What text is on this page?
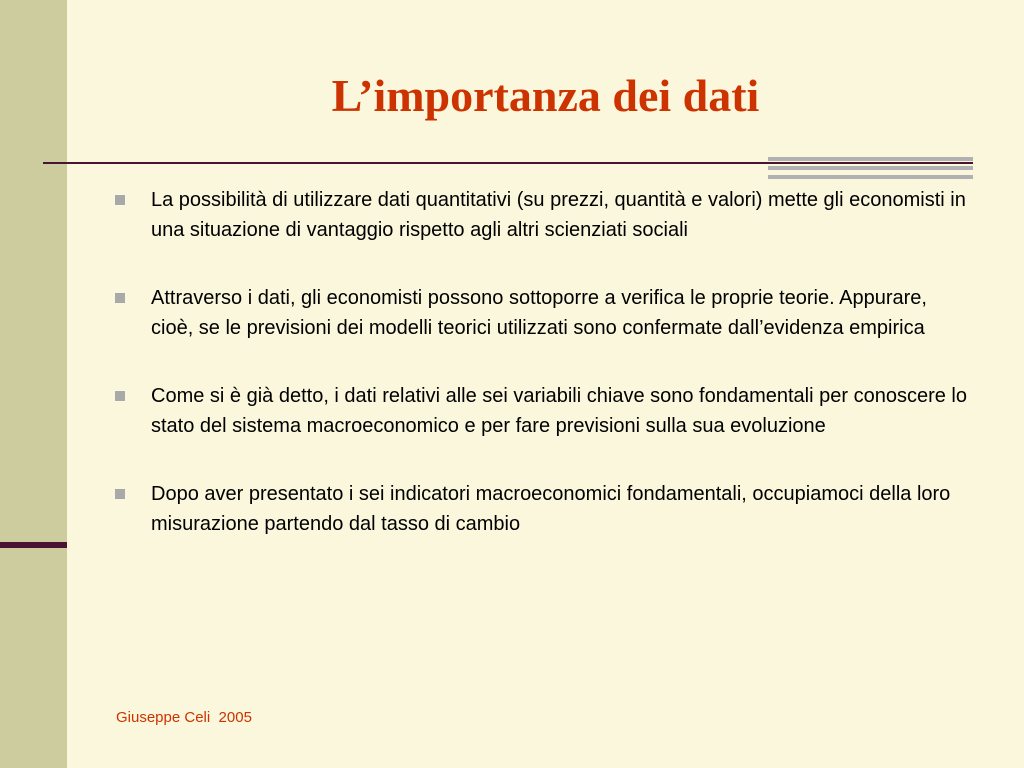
L’importanza dei dati
La possibilità di utilizzare dati quantitativi (su prezzi, quantità e valori) mette gli economisti in una situazione di vantaggio rispetto agli altri scienziati sociali
Attraverso i dati, gli economisti possono sottoporre a verifica le proprie teorie. Appurare, cioè, se le previsioni dei modelli teorici utilizzati sono confermate dall’evidenza empirica
Come si è già detto, i dati relativi alle sei variabili chiave sono fondamentali per conoscere lo stato del sistema macroeconomico e per fare previsioni sulla sua evoluzione
Dopo aver presentato i sei indicatori macroeconomici fondamentali, occupiamoci della loro misurazione partendo dal tasso di cambio
Giuseppe Celi  2005
